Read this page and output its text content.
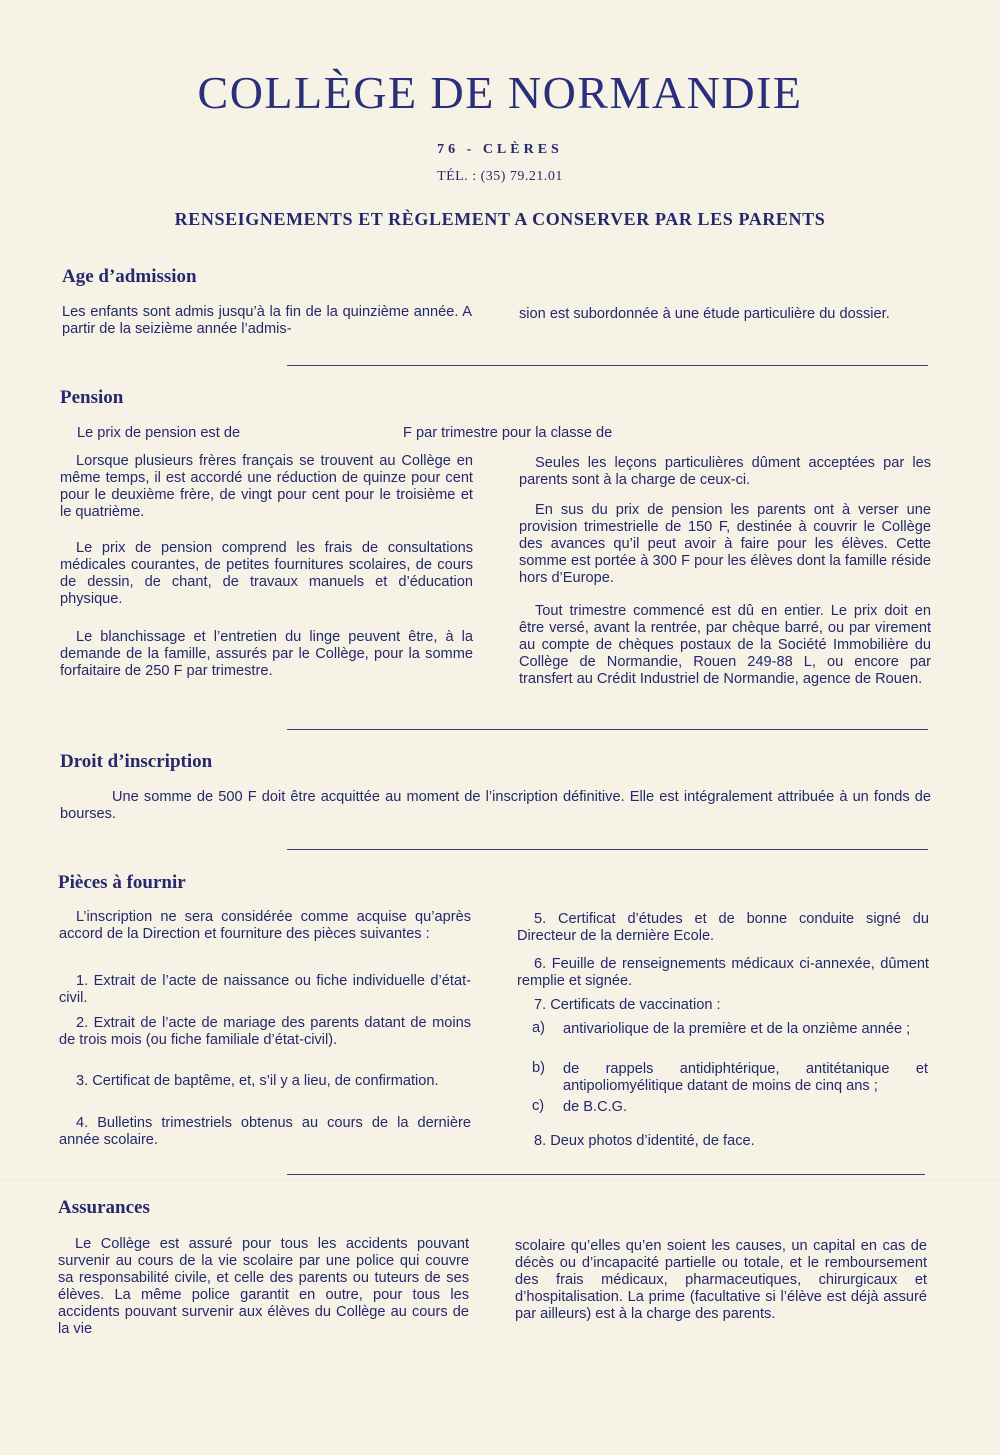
COLLÈGE DE NORMANDIE
76 - CLÈRES
TÉL. : (35) 79.21.01
RENSEIGNEMENTS ET RÈGLEMENT A CONSERVER PAR LES PARENTS
Age d’admission

Les enfants sont admis jusqu’à la fin de la quinzième année. A partir de la seizième année l’admis-

sion est subordonnée à une étude particulière du dossier.

Pension
Le prix de pension est de	F par trimestre pour la classe de

Lorsque plusieurs frères français se trouvent au Collège en même temps, il est accordé une réduction de quinze pour cent pour le deuxième frère, de vingt pour cent pour le troisième et le quatrième.

Le prix de pension comprend les frais de consultations médicales courantes, de petites fournitures scolaires, de cours de dessin, de chant, de travaux manuels et d’éducation physique.

Le blanchissage et l’entretien du linge peuvent être, à la demande de la famille, assurés par le Collège, pour la somme forfaitaire de 250 F par trimestre.

Seules les leçons particulières dûment acceptées par les parents sont à la charge de ceux-ci.

En sus du prix de pension les parents ont à verser une provision trimestrielle de 150 F, destinée à couvrir le Collège des avances qu’il peut avoir à faire pour les élèves. Cette somme est portée à 300 F pour les élèves dont la famille réside hors d’Europe.

Tout trimestre commencé est dû en entier. Le prix doit en être versé, avant la rentrée, par chèque barré, ou par virement au compte de chèques postaux de la Société Immobilière du Collège de Normandie, Rouen 249-88 L, ou encore par transfert au Crédit Industriel de Normandie, agence de Rouen.

Droit d’inscription

Une somme de 500 F doit être acquittée au moment de l’inscription définitive. Elle est intégralement attribuée à un fonds de bourses.

Pièces à fournir

L’inscription ne sera considérée comme acquise qu’après accord de la Direction et fourniture des pièces suivantes :

1. Extrait de l’acte de naissance ou fiche individuelle d’état-civil.

2. Extrait de l’acte de mariage des parents datant de moins de trois mois (ou fiche familiale d’état-civil).

3. Certificat de baptême, et, s’il y a lieu, de confirmation.

4. Bulletins trimestriels obtenus au cours de la dernière année scolaire.

5. Certificat d’études et de bonne conduite signé du Directeur de la dernière Ecole.

6. Feuille de renseignements médicaux ci-annexée, dûment remplie et signée.

7. Certificats de vaccination :

a) antivariolique de la première et de la onzième année ;

b) de rappels antidiphtérique, antitétanique et antipoliomyélitique datant de moins de cinq ans ;

c) de B.C.G.

8. Deux photos d’identité, de face.

Assurances

Le Collège est assuré pour tous les accidents pouvant survenir au cours de la vie scolaire par une police qui couvre sa responsabilité civile, et celle des parents ou tuteurs de ses élèves. La même police garantit en outre, pour tous les accidents pouvant survenir aux élèves du Collège au cours de la vie

scolaire qu’elles qu’en soient les causes, un capital en cas de décès ou d’incapacité partielle ou totale, et le remboursement des frais médicaux, pharmaceutiques, chirurgicaux et d’hospitalisation. La prime (facultative si l’élève est déjà assuré par ailleurs) est à la charge des parents.
